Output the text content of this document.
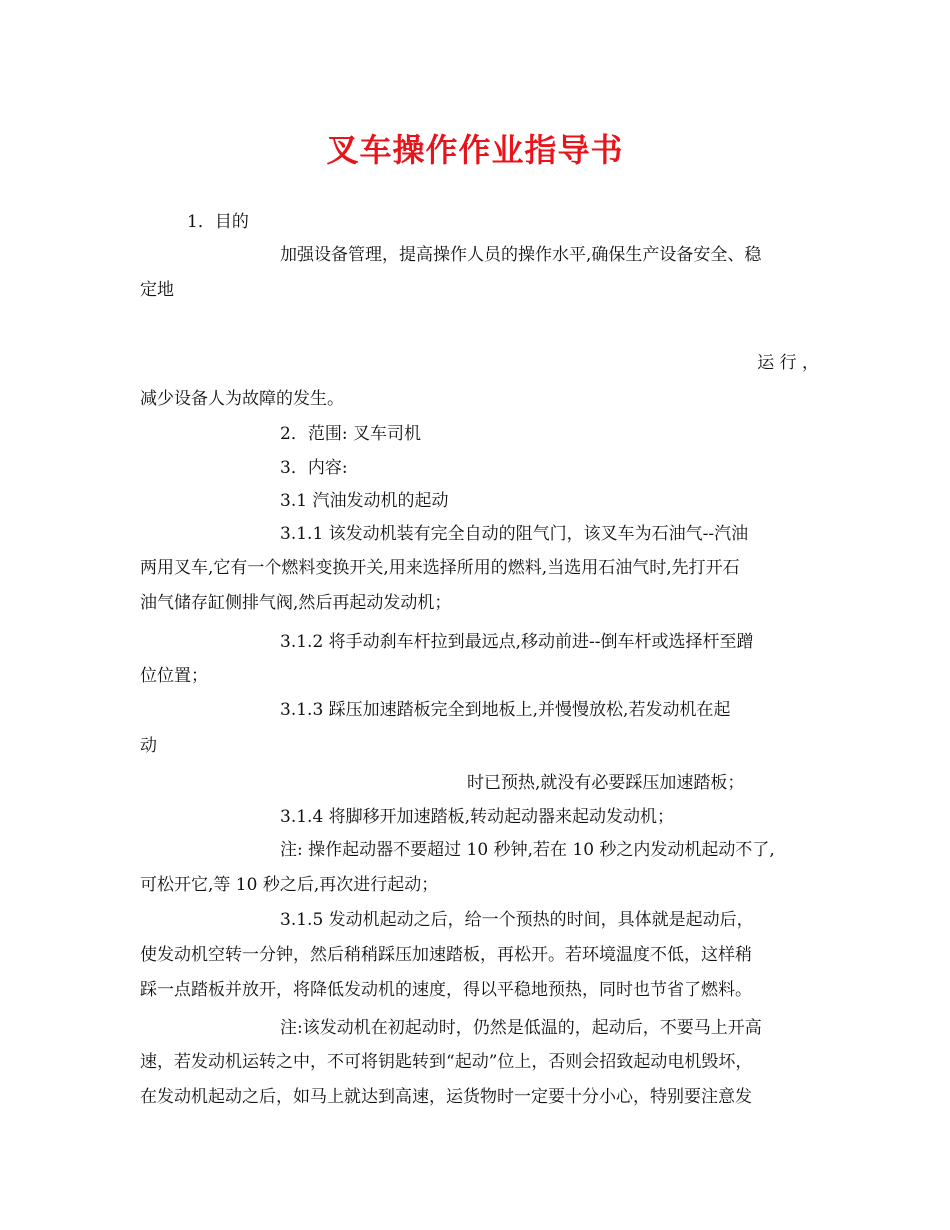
叉车操作作业指导书
1．目的
加强设备管理，提高操作人员的操作水平,确保生产设备安全、稳
定地
运 行 ，
减少设备人为故障的发生。
2．范围: 叉车司机
3．内容:
3.1 汽油发动机的起动
3.1.1 该发动机装有完全自动的阻气门，该叉车为石油气--汽油
两用叉车,它有一个燃料变换开关,用来选择所用的燃料,当选用石油气时,先打开石
油气储存缸侧排气阀,然后再起动发动机；
3.1.2 将手动刹车杆拉到最远点,移动前进--倒车杆或选择杆至蹭
位位置；
3.1.3 踩压加速踏板完全到地板上,并慢慢放松,若发动机在起
动
时已预热,就没有必要踩压加速踏板；
3.1.4 将脚移开加速踏板,转动起动器来起动发动机；
注: 操作起动器不要超过 10 秒钟,若在 10 秒之内发动机起动不了,
可松开它,等 10 秒之后,再次进行起动；
3.1.5 发动机起动之后，给一个预热的时间，具体就是起动后，
使发动机空转一分钟，然后稍稍踩压加速踏板，再松开。若环境温度不低，这样稍
踩一点踏板并放开，将降低发动机的速度，得以平稳地预热，同时也节省了燃料。
注:该发动机在初起动时，仍然是低温的，起动后，不要马上开高
速，若发动机运转之中，不可将钥匙转到“起动”位上，否则会招致起动电机毁坏，
在发动机起动之后，如马上就达到高速，运货物时一定要十分小心，特别要注意发
